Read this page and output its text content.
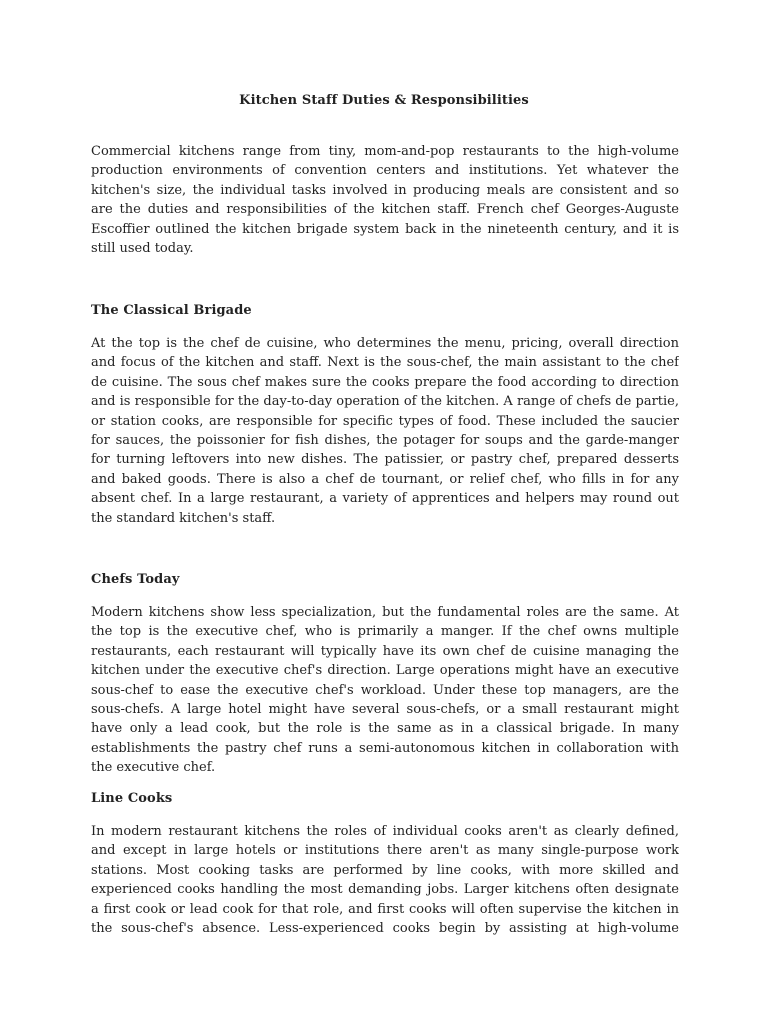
Kitchen Staff Duties & Responsibilities
Commercial kitchens range from tiny, mom-and-pop restaurants to the high-volume
production environments of convention centers and institutions. Yet whatever the
kitchen's size, the individual tasks involved in producing meals are consistent and so
are the duties and responsibilities of the kitchen staff. French chef Georges-Auguste
Escoffier outlined the kitchen brigade system back in the nineteenth century, and it is
still used today.
The Classical Brigade
At the top is the chef de cuisine, who determines the menu, pricing, overall direction
and focus of the kitchen and staff. Next is the sous-chef, the main assistant to the chef
de cuisine. The sous chef makes sure the cooks prepare the food according to direction
and is responsible for the day-to-day operation of the kitchen. A range of chefs de partie,
or station cooks, are responsible for specific types of food. These included the saucier
for sauces, the poissonier for fish dishes, the potager for soups and the garde-manger
for turning leftovers into new dishes. The patissier, or pastry chef, prepared desserts
and baked goods. There is also a chef de tournant, or relief chef, who fills in for any
absent chef. In a large restaurant, a variety of apprentices and helpers may round out
the standard kitchen's staff.
Chefs Today
Modern kitchens show less specialization, but the fundamental roles are the same. At
the top is the executive chef, who is primarily a manger. If the chef owns multiple
restaurants, each restaurant will typically have its own chef de cuisine managing the
kitchen under the executive chef's direction. Large operations might have an executive
sous-chef to ease the executive chef's workload. Under these top managers, are the
sous-chefs. A large hotel might have several sous-chefs, or a small restaurant might
have only a lead cook, but the role is the same as in a classical brigade. In many
establishments the pastry chef runs a semi-autonomous kitchen in collaboration with
the executive chef.
Line Cooks
In modern restaurant kitchens the roles of individual cooks aren't as clearly defined,
and except in large hotels or institutions there aren't as many single-purpose work
stations. Most cooking tasks are performed by line cooks, with more skilled and
experienced cooks handling the most demanding jobs. Larger kitchens often designate
a first cook or lead cook for that role, and first cooks will often supervise the kitchen in
the sous-chef's absence. Less-experienced cooks begin by assisting at high-volume
